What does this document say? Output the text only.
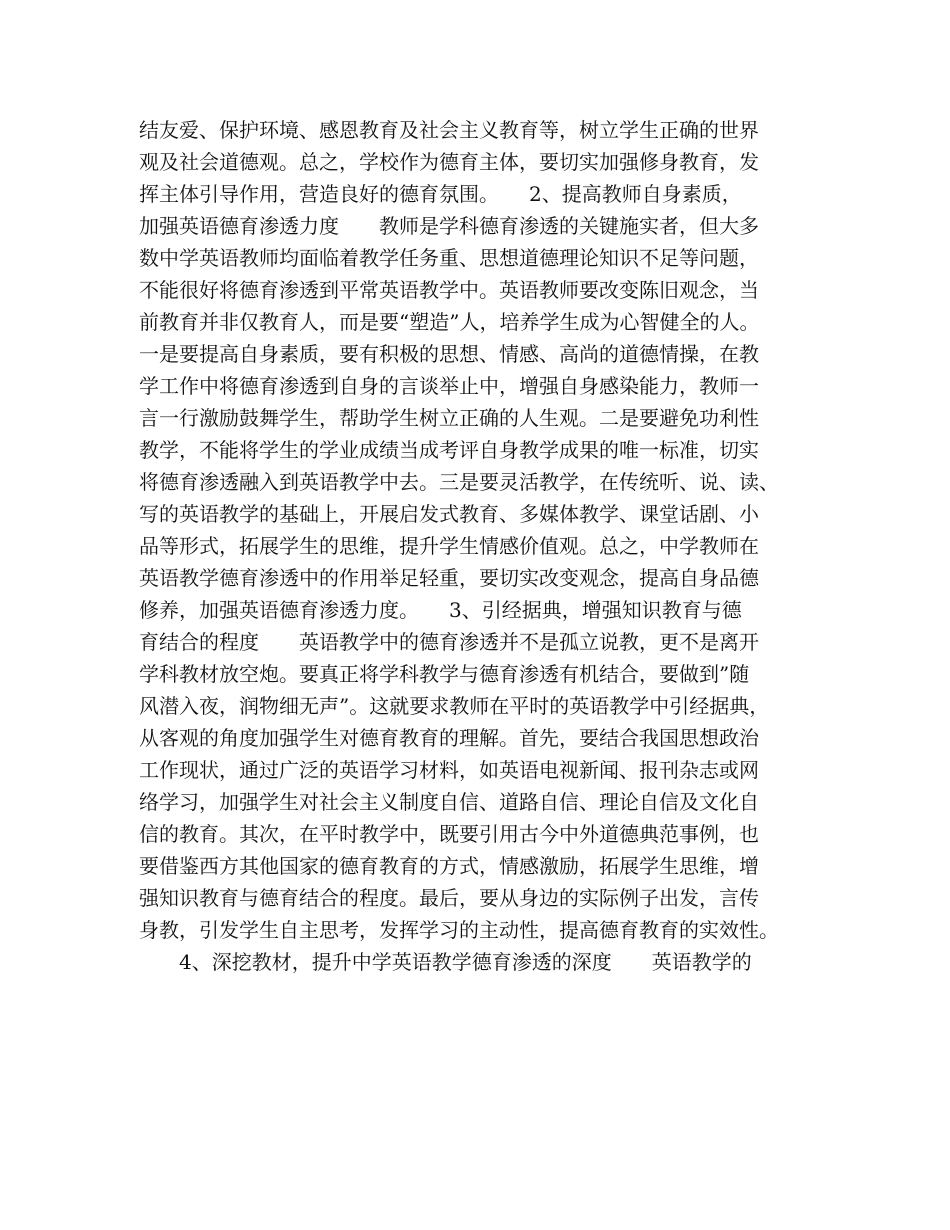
结友爱、保护环境、感恩教育及社会主义教育等，树立学生正确的世界
观及社会道德观。总之，学校作为德育主体，要切实加强修身教育，发
挥主体引导作用，营造良好的德育氛围。　　2、提高教师自身素质，
加强英语德育渗透力度　　教师是学科德育渗透的关键施实者，但大多
数中学英语教师均面临着教学任务重、思想道德理论知识不足等问题，
不能很好将德育渗透到平常英语教学中。英语教师要改变陈旧观念，当
前教育并非仅教育人，而是要“塑造”人，培养学生成为心智健全的人。
一是要提高自身素质，要有积极的思想、情感、高尚的道德情操，在教
学工作中将德育渗透到自身的言谈举止中，增强自身感染能力，教师一
言一行激励鼓舞学生，帮助学生树立正确的人生观。二是要避免功利性
教学，不能将学生的学业成绩当成考评自身教学成果的唯一标准，切实
将德育渗透融入到英语教学中去。三是要灵活教学，在传统听、说、读、
写的英语教学的基础上，开展启发式教育、多媒体教学、课堂话剧、小
品等形式，拓展学生的思维，提升学生情感价值观。总之，中学教师在
英语教学德育渗透中的作用举足轻重，要切实改变观念，提高自身品德
修养，加强英语德育渗透力度。　　3、引经据典，增强知识教育与德
育结合的程度　　英语教学中的德育渗透并不是孤立说教，更不是离开
学科教材放空炮。要真正将学科教学与德育渗透有机结合，要做到”随
风潜入夜，润物细无声”。这就要求教师在平时的英语教学中引经据典，
从客观的角度加强学生对德育教育的理解。首先，要结合我国思想政治
工作现状，通过广泛的英语学习材料，如英语电视新闻、报刊杂志或网
络学习，加强学生对社会主义制度自信、道路自信、理论自信及文化自
信的教育。其次，在平时教学中，既要引用古今中外道德典范事例，也
要借鉴西方其他国家的德育教育的方式，情感激励，拓展学生思维，增
强知识教育与德育结合的程度。最后，要从身边的实际例子出发，言传
身教，引发学生自主思考，发挥学习的主动性，提高德育教育的实效性。
　　4、深挖教材，提升中学英语教学德育渗透的深度　　英语教学的
